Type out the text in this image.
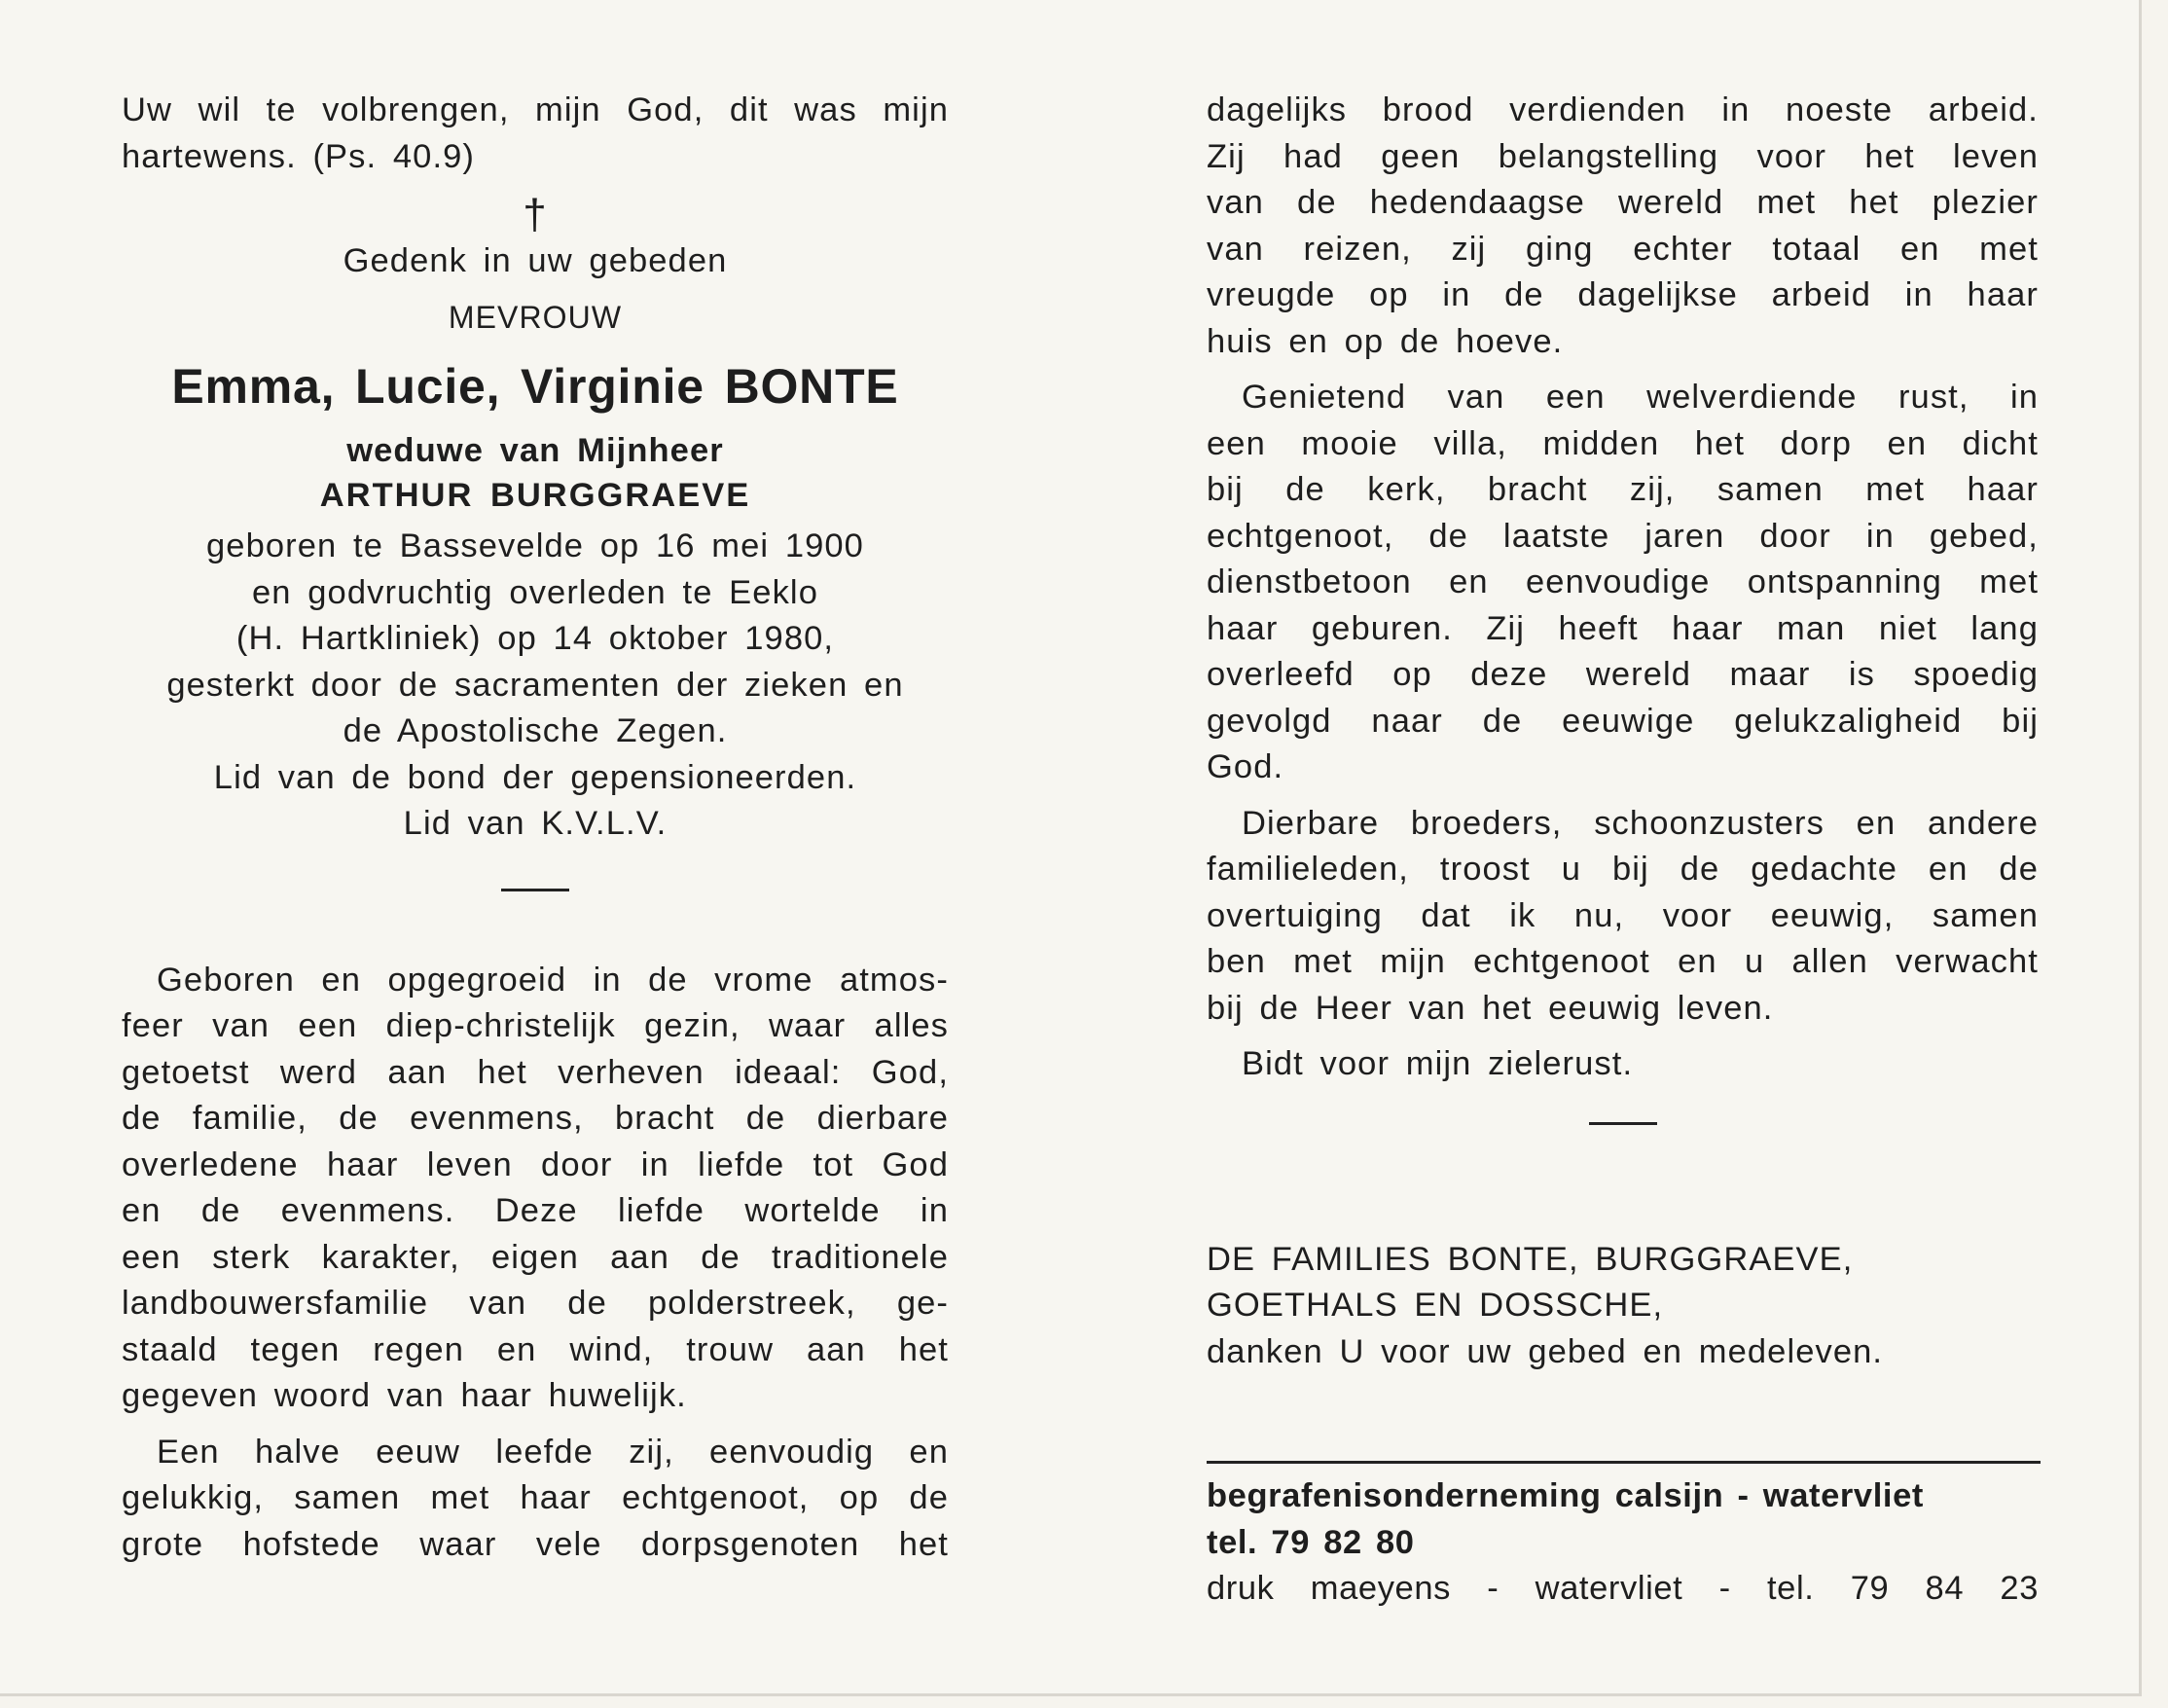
Uw wil te volbrengen, mijn God, dit was mijn
hartewens. (Ps. 40.9)
†
Gedenk in uw gebeden
MEVROUW
Emma, Lucie, Virginie BONTE
weduwe van Mijnheer
ARTHUR BURGGRAEVE
geboren te Bassevelde op 16 mei 1900
en godvruchtig overleden te Eeklo
(H. Hartkliniek) op 14 oktober 1980,
gesterkt door de sacramenten der zieken en
de Apostolische Zegen.
Lid van de bond der gepensioneerden.
Lid van K.V.L.V.
Geboren en opgegroeid in de vrome atmos-
feer van een diep-christelijk gezin, waar alles
getoetst werd aan het verheven ideaal: God,
de familie, de evenmens, bracht de dierbare
overledene haar leven door in liefde tot God
en de evenmens. Deze liefde wortelde in
een sterk karakter, eigen aan de traditionele
landbouwersfamilie van de polderstreek, ge-
staald tegen regen en wind, trouw aan het
gegeven woord van haar huwelijk.
Een halve eeuw leefde zij, eenvoudig en
gelukkig, samen met haar echtgenoot, op de
grote hofstede waar vele dorpsgenoten het
dagelijks brood verdienden in noeste arbeid.
Zij had geen belangstelling voor het leven
van de hedendaagse wereld met het plezier
van reizen, zij ging echter totaal en met
vreugde op in de dagelijkse arbeid in haar
huis en op de hoeve.
Genietend van een welverdiende rust, in
een mooie villa, midden het dorp en dicht
bij de kerk, bracht zij, samen met haar
echtgenoot, de laatste jaren door in gebed,
dienstbetoon en eenvoudige ontspanning met
haar geburen. Zij heeft haar man niet lang
overleefd op deze wereld maar is spoedig
gevolgd naar de eeuwige gelukzaligheid bij
God.
Dierbare broeders, schoonzusters en andere
familieleden, troost u bij de gedachte en de
overtuiging dat ik nu, voor eeuwig, samen
ben met mijn echtgenoot en u allen verwacht
bij de Heer van het eeuwig leven.
Bidt voor mijn zielerust.
DE FAMILIES BONTE, BURGGRAEVE,
GOETHALS EN DOSSCHE,
danken U voor uw gebed en medeleven.
begrafenisonderneming calsijn - watervliet
tel. 79 82 80
druk maeyens - watervliet - tel. 79 84 23
